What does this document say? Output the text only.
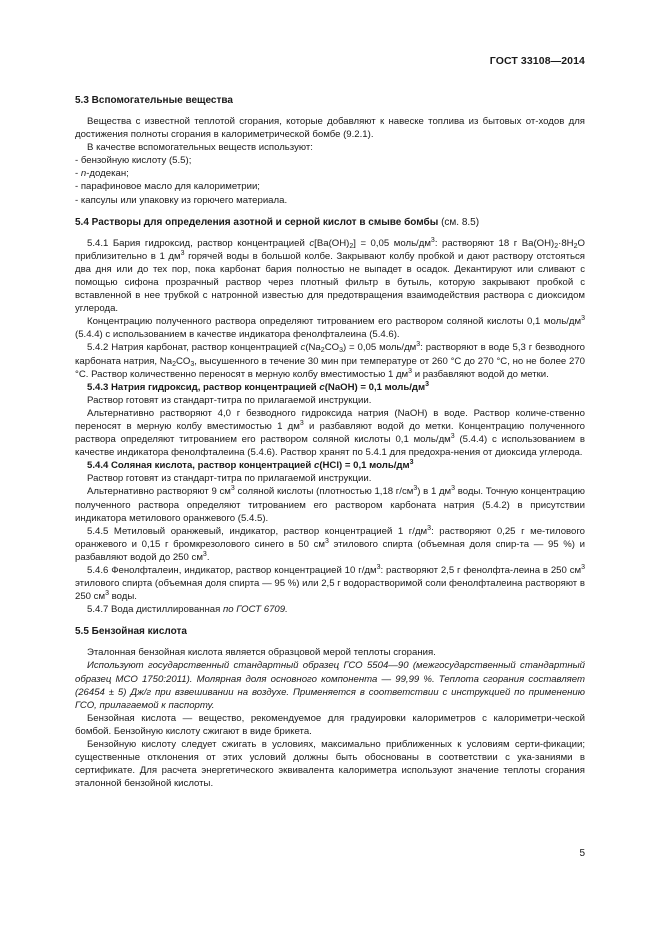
ГОСТ 33108—2014
5.3 Вспомогательные вещества

Вещества с известной теплотой сгорания, которые добавляют к навеске топлива из бытовых от-ходов для достижения полноты сгорания в калориметрической бомбе (9.2.1).

В качестве вспомогательных веществ используют:

- бензойную кислоту (5.5);

- n-додекан;

- парафиновое масло для калориметрии;

- капсулы или упаковку из горючего материала.

5.4 Растворы для определения азотной и серной кислот в смыве бомбы (см. 8.5)

5.4.1 Бария гидроксид, раствор концентрацией $c[Ba(OH)_2] = 0,05$ моль/$дм^3$: растворяют 18 г $Ba(OH)_2\cdot 8H_2O$ приблизительно в 1 $дм^3$ горячей воды в большой колбе. Закрывают колбу пробкой и дают раствору отстояться два дня или до тех пор, пока карбонат бария полностью не выпадет в осадок. Декантируют или сливают с помощью сифона прозрачный раствор через плотный фильтр в бутыль, которую закрывают пробкой с вставленной в нее трубкой с натронной известью для предотвращения взаимодействия раствора с диоксидом углерода.

Концентрацию полученного раствора определяют титрованием его раствором соляной кислоты 0,1 моль/$дм^3$ (5.4.4) с использованием в качестве индикатора фенолфталеина (5.4.6).

5.4.2 Натрия карбонат, раствор концентрацией $c(Na_2CO_3) = 0,05$ моль/$дм^3$: растворяют в воде 5,3 г безводного карбоната натрия, $Na_2CO_3$, высушенного в течение 30 мин при температуре от 260 °С до 270 °С, но не более 270 °С. Раствор количественно переносят в мерную колбу вместимостью 1 $дм^3$ и разбавляют водой до метки.

5.4.3 Натрия гидроксид, раствор концентрацией c(NaOH) = 0,1 моль/$дм^3$

Раствор готовят из стандарт-титра по прилагаемой инструкции.

Альтернативно растворяют 4,0 г безводного гидроксида натрия (NaOH) в воде. Раствор количе-ственно переносят в мерную колбу вместимостью 1 $дм^3$ и разбавляют водой до метки. Концентрацию полученного раствора определяют титрованием его раствором соляной кислоты 0,1 моль/$дм^3$ (5.4.4) с использованием в качестве индикатора фенолфталеина (5.4.6). Раствор хранят по 5.4.1 для предохра-нения от диоксида углерода.

5.4.4 Соляная кислота, раствор концентрацией c(HCl) = 0,1 моль/$дм^3$

Раствор готовят из стандарт-титра по прилагаемой инструкции.

Альтернативно растворяют 9 $см^3$ соляной кислоты (плотностью 1,18 $г/см^3$) в 1 $дм^3$ воды. Точную концентрацию полученного раствора определяют титрованием его раствором карбоната натрия (5.4.2) в присутствии индикатора метилового оранжевого (5.4.5).

5.4.5 Метиловый оранжевый, индикатор, раствор концентрацией 1 $г/дм^3$: растворяют 0,25 г ме-тилового оранжевого и 0,15 г бромкрезолового синего в 50 $см^3$ этилового спирта (объемная доля спир-та — 95 %) и разбавляют водой до 250 $см^3$.

5.4.6 Фенолфталеин, индикатор, раствор концентрацией 10 $г/дм^3$: растворяют 2,5 г фенолфта-леина в 250 $см^3$ этилового спирта (объемная доля спирта — 95 %) или 2,5 г водорастворимой соли фенолфталеина растворяют в 250 $см^3$ воды.

5.4.7 Вода дистиллированная по ГОСТ 6709.

5.5 Бензойная кислота

Эталонная бензойная кислота является образцовой мерой теплоты сгорания.

Используют государственный стандартный образец ГСО 5504—90 (межгосударственный стандартный образец МСО 1750:2011). Молярная доля основного компонента — 99,99 %. Теплота сгорания составляет (26454 ± 5) Дж/г при взвешивании на воздухе. Применяется в соответствии с инструкцией по применению ГСО, прилагаемой к паспорту.

Бензойная кислота — вещество, рекомендуемое для градуировки калориметров с калориметри-ческой бомбой. Бензойную кислоту сжигают в виде брикета.

Бензойную кислоту следует сжигать в условиях, максимально приближенных к условиям серти-фикации; существенные отклонения от этих условий должны быть обоснованы в соответствии с ука-заниями в сертификате. Для расчета энергетического эквивалента калориметра используют значение теплоты сгорания эталонной бензойной кислоты.

5
